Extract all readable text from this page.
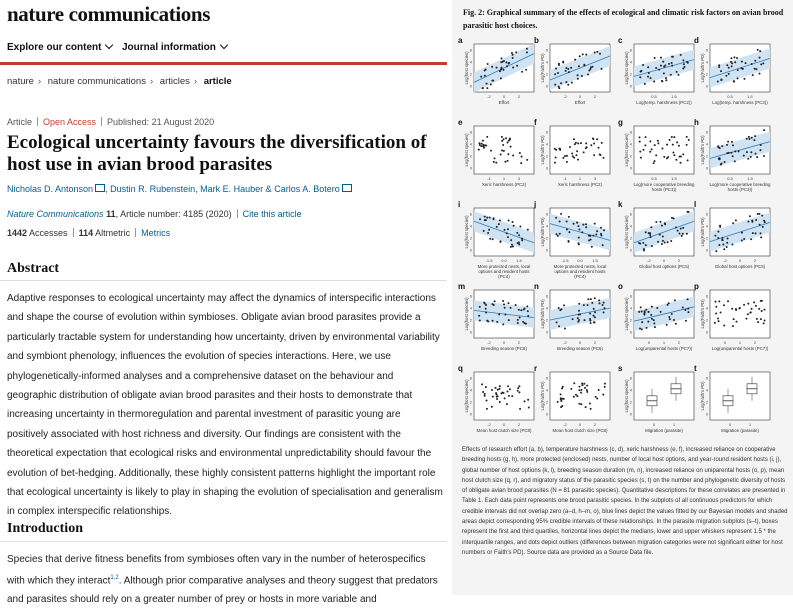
nature communications
Explore our content	Journal information
nature › nature communications › articles › article
Article Open Access Published: 21 August 2020
Ecological uncertainty favours the diversification of host use in avian brood parasites
Nicholas D. Antonson , Dustin R. Rubenstein, Mark E. Hauber & Carlos A. Botero
Nature Communications 11, Article number: 4185 (2020) Cite this article
1442 Accesses 114 Altmetric Metrics
Abstract
Adaptive responses to ecological uncertainty may affect the dynamics of interspecific interactions and shape the course of evolution within symbioses. Obligate avian brood parasites provide a particularly tractable system for understanding how uncertainty, driven by environmental variability and symbiont phenology, influences the evolution of species interactions. Here, we use phylogenetically-informed analyses and a comprehensive dataset on the behaviour and geographic distribution of obligate avian brood parasites and their hosts to demonstrate that increasing uncertainty in thermoregulation and parental investment of parasitic young are positively associated with host richness and diversity. Our findings are consistent with the theoretical expectation that ecological risks and environmental unpredictability should favour the evolution of bet-hedging. Additionally, these highly consistent patterns highlight the important role that ecological uncertainty is likely to play in shaping the evolution of specialisation and generalism in complex interspecific relationships.
Introduction
Species that derive fitness benefits from symbioses often vary in the number of heterospecifics with which they interact$^{1,2}$. Although prior comparative analyses and theory suggest that predators and parasites should rely on a greater number of prey or hosts in more variable and
Fig. 2: Graphical summary of the effects of ecological and climatic risk factors on avian brood parasitic host choices.
a
Log(host species)
0
2
4
6
-2	0	2
Effort
b
Log(Faith's PD)
0
2
4
6
-2	0	2
Effort
c
Log(host species)
0
2
4
6
0.5	1.5
Log(temp. harshness (PC2))
d
Log(Faith's PD)
0
2
4
6
0.5	1.5
Log(temp. harshness (PC2))
e
Log(host species)
0
2
4
6
-1	1	3
Xeric harshness (PC2)
f
Log(Faith's PD)
0
2
4
6
-1	1	3
Xeric harshness (PC2)
g
Log(host species)
0
2
4
6
0.5	1.5
Log(more cooperative breeding
hosts (PC3))
h
Log(Faith's PD)
0
2
4
6
0.5	1.5
Log(more cooperative breeding
hosts (PC3))
i
Log(host species)
0
2
4
6
-1.5 0.0 1.5
More protected nests, local
options and resident hosts
(PC4)
j
Log(Faith's PD)
0
2
4
6
-1.5 0.0 1.5
More protected nests, local
options and resident hosts
(PC4)
k
Log(host species)
0
2
4
6
-2	0	2
Global host options (PC5)
l
Log(Faith's PD)
0
2
4
6
-2	0	2
Global host options (PC5)
m
Log(host species)
0
2
4
6
-2	0	2
Breeding season (PC6)
n
Log(Faith's PD)
0
2
4
6
-2	0	2
Breeding season (PC6)
o
Log(host species)
0
2
4
6
0	1	2
Log(uniparental hosts (PC7))
p
Log(Faith's PD)
0
2
4
6
0	1	2
Log(uniparental hosts (PC7))
q
Log(host species)
0
2
4
6
-2	0	2
Mean host clutch size (PC8)
r
Log(Faith's PD)
0
2
4
6
-2	0	2
Mean host clutch size (PC8)
s
Log(host species)
0
2
4
6
0	1
Migration (parasite)
t
Log(Faith's PD)
0
2
4
6
0	1
Migration (parasite)
Effects of research effort (a, b), temperature harshness (c, d), xeric harshness (e, f), increased reliance on cooperative breeding hosts (g, h), more protected (enclosed) nests, number of local host options, and year-round resident hosts (i, j), global number of host options (k, l), breeding season duration (m, n), increased reliance on uniparental hosts (o, p), mean host clutch size (q, r), and migratory status of the parasitic species (s, t) on the number and phylogenetic diversity of hosts of obligate avian brood parasites (N = 81 parasitic species). Quantitative descriptions for these correlates are presented in Table 1. Each data point represents one brood parasitic species. In the subplots of all continuous predictors for which credible intervals did not overlap zero (a–d, h–m, o), blue lines depict the values fitted by our Bayesian models and shaded areas depict corresponding 95% credible intervals of these relationships. In the parasite migration subplots (s–t), boxes represent the first and third quartiles, horizontal lines depict the medians, lower and upper whiskers represent 1.5 * the interquartile ranges, and dots depict outliers (differences between migration categories were not significant either for host numbers or Faith's PD). Source data are provided as a Source Data file.
